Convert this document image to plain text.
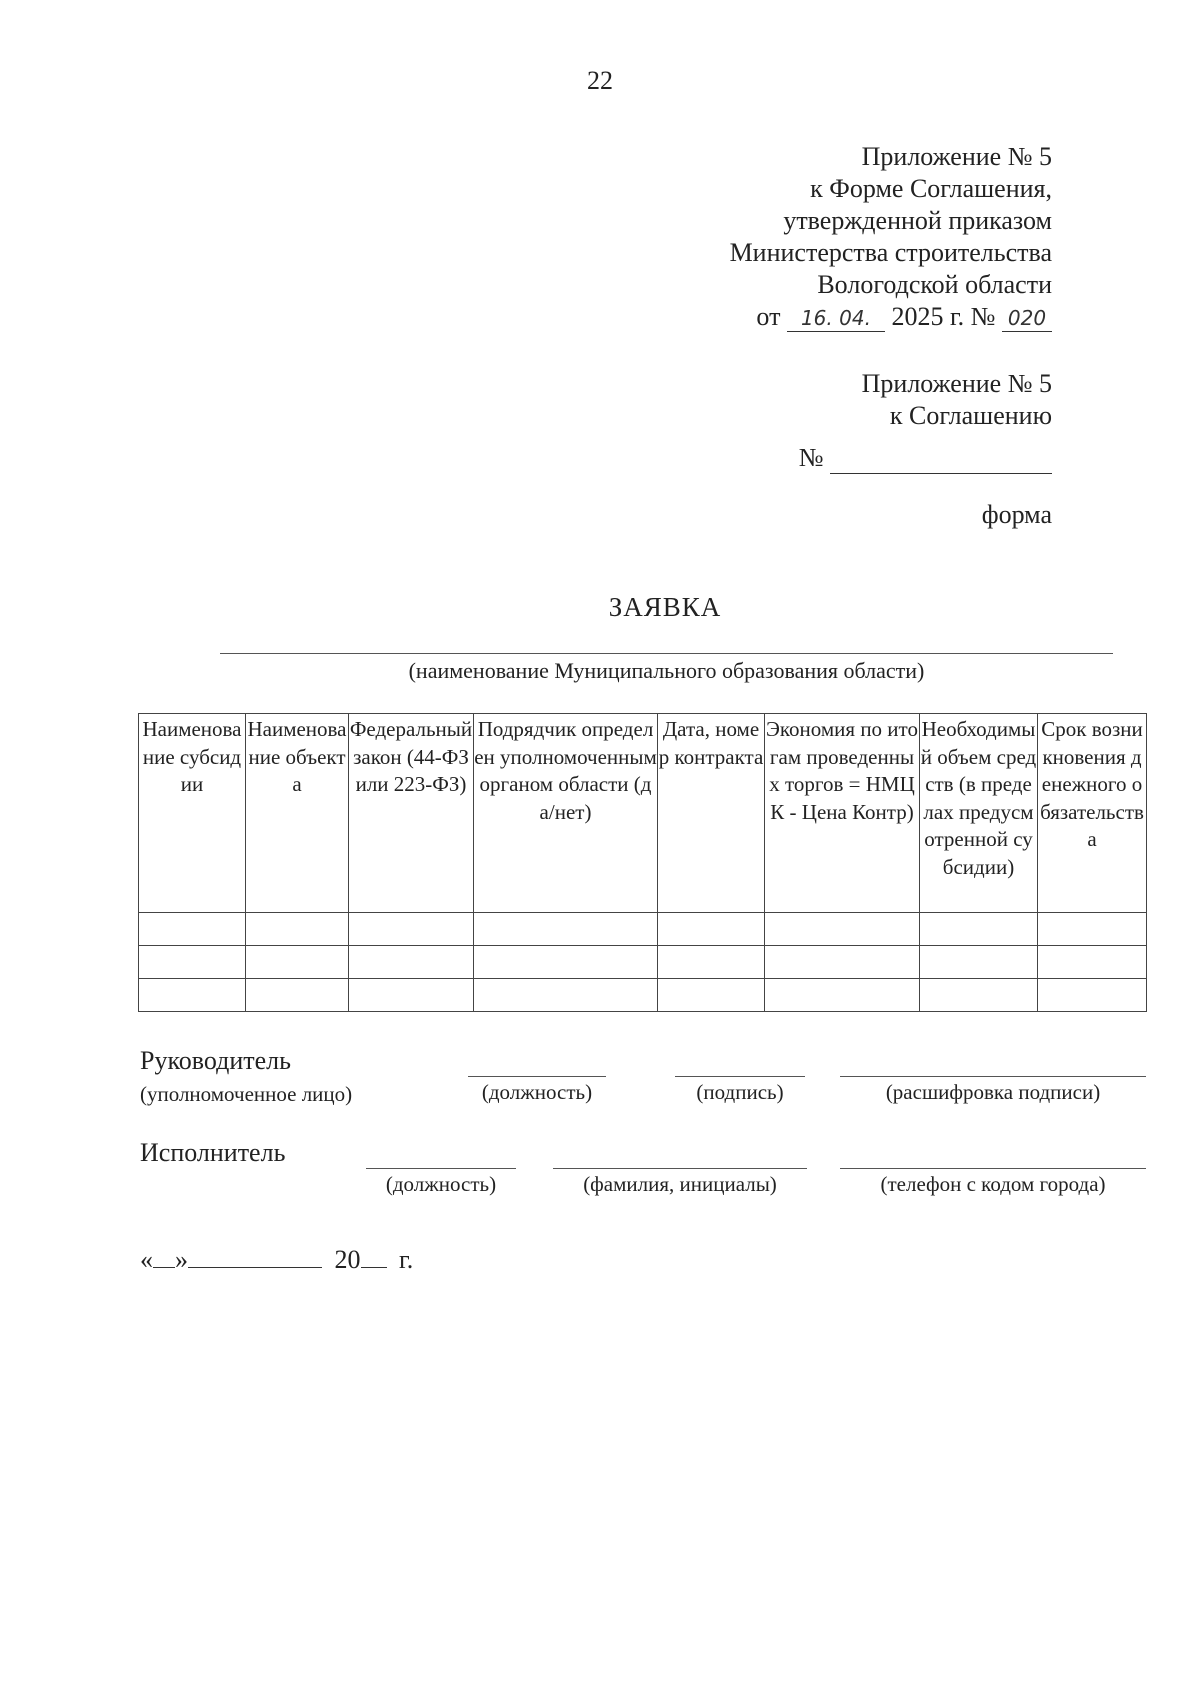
22
Приложение № 5
к Форме Соглашения,
утвержденной приказом
Министерства строительства
Вологодской области
от 16. 04. 2025 г. № 020
Приложение № 5
к Соглашению
№
форма
ЗАЯВКА
(наименование Муниципального образования области)
Наименование субсидии	Наименование объекта	Федеральный закон (44-ФЗ или 223-ФЗ)	Подрядчик определен уполномоченным органом области (да/нет)	Дата, номер контракта	Экономия по итогам проведенных торгов = НМЦК - Цена Контр)	Необходимый объем средств (в пределах предусмотренной субсидии)	Срок возникновения денежного обязательства

Руководитель
(уполномоченное лицо)	(должность)	(подпись)	(расшифровка подписи)
Исполнитель
(должность)	(фамилия, инициалы)	(телефон с кодом города)
« »	20 г.
